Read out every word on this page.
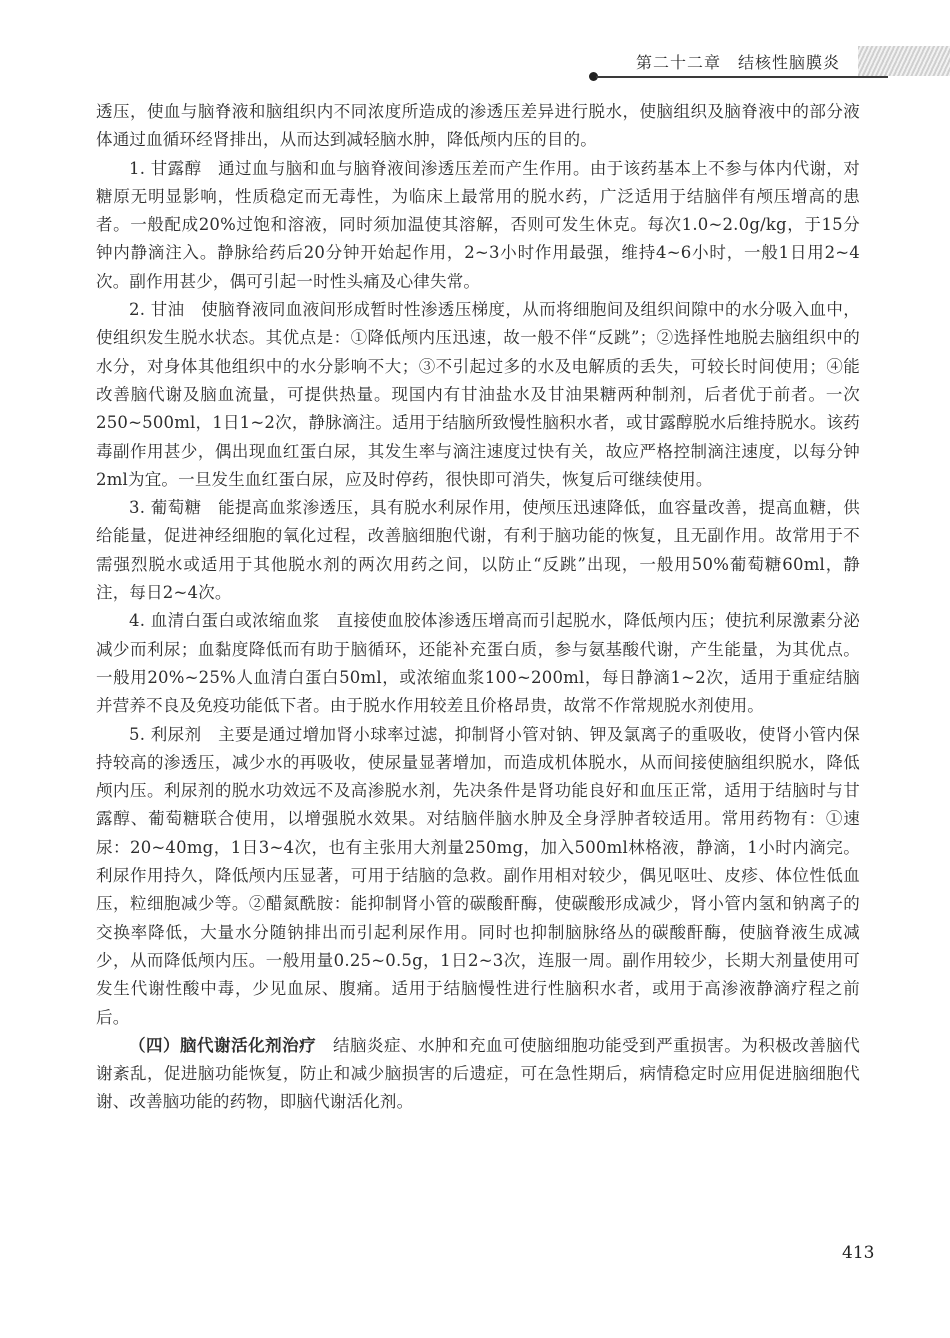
第二十二章　结核性脑膜炎

透压，使血与脑脊液和脑组织内不同浓度所造成的渗透压差异进行脱水，使脑组织及脑脊液中的部分液体通过血循环经肾排出，从而达到减轻脑水肿，降低颅内压的目的。

1. 甘露醇 通过血与脑和血与脑脊液间渗透压差而产生作用。由于该药基本上不参与体内代谢，对糖原无明显影响，性质稳定而无毒性，为临床上最常用的脱水药，广泛适用于结脑伴有颅压增高的患者。一般配成20%过饱和溶液，同时须加温使其溶解，否则可发生休克。每次1.0~2.0g/kg，于15分钟内静滴注入。静脉给药后20分钟开始起作用，2~3小时作用最强，维持4~6小时，一般1日用2~4次。副作用甚少，偶可引起一时性头痛及心律失常。

2. 甘油 使脑脊液同血液间形成暂时性渗透压梯度，从而将细胞间及组织间隙中的水分吸入血中，使组织发生脱水状态。其优点是：①降低颅内压迅速，故一般不伴“反跳”；②选择性地脱去脑组织中的水分，对身体其他组织中的水分影响不大；③不引起过多的水及电解质的丢失，可较长时间使用；④能改善脑代谢及脑血流量，可提供热量。现国内有甘油盐水及甘油果糖两种制剂，后者优于前者。一次250~500ml，1日1~2次，静脉滴注。适用于结脑所致慢性脑积水者，或甘露醇脱水后维持脱水。该药毒副作用甚少，偶出现血红蛋白尿，其发生率与滴注速度过快有关，故应严格控制滴注速度，以每分钟2ml为宜。一旦发生血红蛋白尿，应及时停药，很快即可消失，恢复后可继续使用。

3. 葡萄糖 能提高血浆渗透压，具有脱水利尿作用，使颅压迅速降低，血容量改善，提高血糖，供给能量，促进神经细胞的氧化过程，改善脑细胞代谢，有利于脑功能的恢复，且无副作用。故常用于不需强烈脱水或适用于其他脱水剂的两次用药之间，以防止“反跳”出现，一般用50%葡萄糖60ml，静注，每日2~4次。

4. 血清白蛋白或浓缩血浆 直接使血胶体渗透压增高而引起脱水，降低颅内压；使抗利尿激素分泌减少而利尿；血黏度降低而有助于脑循环，还能补充蛋白质，参与氨基酸代谢，产生能量，为其优点。一般用20%~25%人血清白蛋白50ml，或浓缩血浆100~200ml，每日静滴1~2次，适用于重症结脑并营养不良及免疫功能低下者。由于脱水作用较差且价格昂贵，故常不作常规脱水剂使用。

5. 利尿剂 主要是通过增加肾小球率过滤，抑制肾小管对钠、钾及氯离子的重吸收，使肾小管内保持较高的渗透压，减少水的再吸收，使尿量显著增加，而造成机体脱水，从而间接使脑组织脱水，降低颅内压。利尿剂的脱水功效远不及高渗脱水剂，先决条件是肾功能良好和血压正常，适用于结脑时与甘露醇、葡萄糖联合使用，以增强脱水效果。对结脑伴脑水肿及全身浮肿者较适用。常用药物有：①速尿：20~40mg，1日3~4次，也有主张用大剂量250mg，加入500ml林格液，静滴，1小时内滴完。利尿作用持久，降低颅内压显著，可用于结脑的急救。副作用相对较少，偶见呕吐、皮疹、体位性低血压，粒细胞减少等。②醋氮酰胺：能抑制肾小管的碳酸酐酶，使碳酸形成减少，肾小管内氢和钠离子的交换率降低，大量水分随钠排出而引起利尿作用。同时也抑制脑脉络丛的碳酸酐酶，使脑脊液生成减少，从而降低颅内压。一般用量0.25~0.5g，1日2~3次，连服一周。副作用较少，长期大剂量使用可发生代谢性酸中毒，少见血尿、腹痛。适用于结脑慢性进行性脑积水者，或用于高渗液静滴疗程之前后。

（四）脑代谢活化剂治疗 结脑炎症、水肿和充血可使脑细胞功能受到严重损害。为积极改善脑代谢紊乱，促进脑功能恢复，防止和减少脑损害的后遗症，可在急性期后，病情稳定时应用促进脑细胞代谢、改善脑功能的药物，即脑代谢活化剂。

413
